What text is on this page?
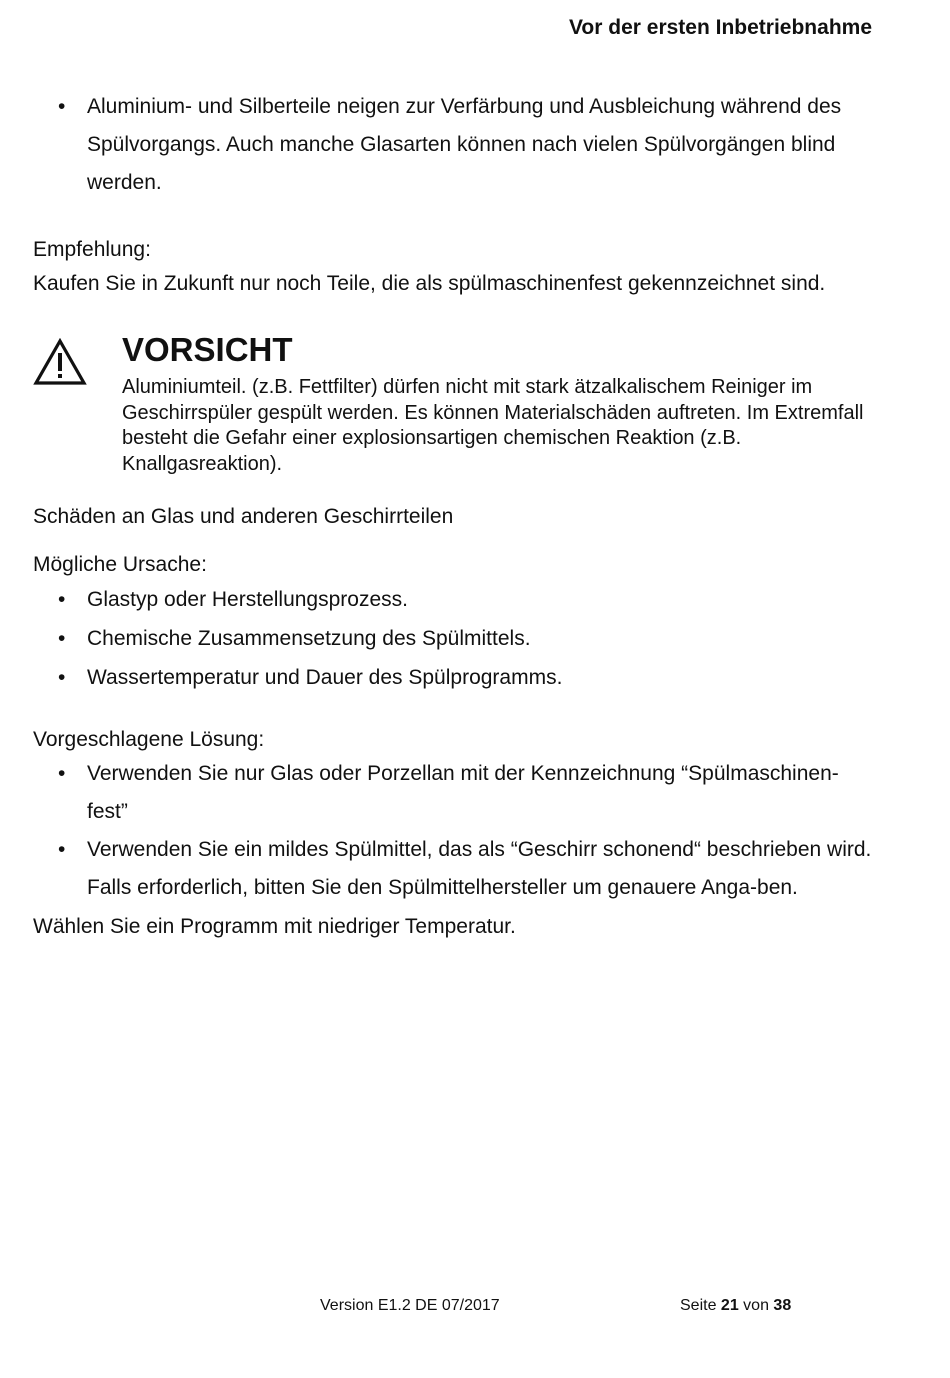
Vor der ersten Inbetriebnahme
• Aluminium- und Silberteile neigen zur Verfärbung und Ausbleichung während des Spülvorgangs. Auch manche Glasarten können nach vielen Spülvorgängen blind werden.

Empfehlung:

Kaufen Sie in Zukunft nur noch Teile, die als spülmaschinenfest gekennzeichnet sind.

VORSICHT
Aluminiumteil. (z.B. Fettfilter) dürfen nicht mit stark ätzalkalischem Reiniger im Geschirrspüler gespült werden. Es können Materialschäden auftreten. Im Extremfall besteht die Gefahr einer explosionsartigen chemischen Reaktion (z.B. Knallgasreaktion).

Schäden an Glas und anderen Geschirrteilen

Mögliche Ursache:

• Glastyp oder Herstellungsprozess.
• Chemische Zusammensetzung des Spülmittels.
• Wassertemperatur und Dauer des Spülprogramms.

Vorgeschlagene Lösung:

• Verwenden Sie nur Glas oder Porzellan mit der Kennzeichnung “Spülmaschinen-fest”
• Verwenden Sie ein mildes Spülmittel, das als “Geschirr schonend“ beschrieben wird. Falls erforderlich, bitten Sie den Spülmittelhersteller um genauere Anga-ben.

Wählen Sie ein Programm mit niedriger Temperatur.

Version E1.2 DE 07/2017	Seite 21 von 38
